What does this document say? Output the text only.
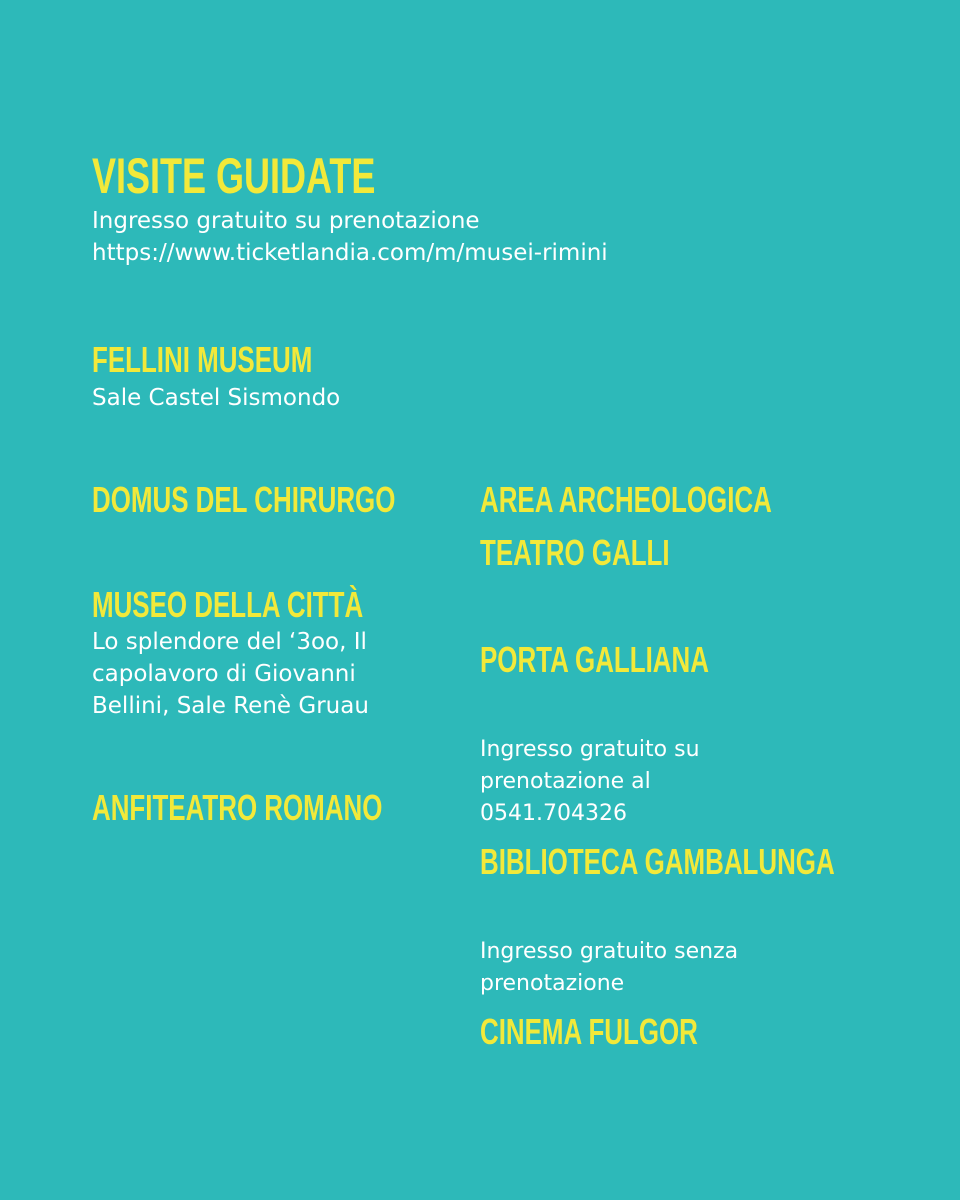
VISITE GUIDATE
Ingresso gratuito su prenotazione
https://www.ticketlandia.com/m/musei-rimini
FELLINI MUSEUM
Sale Castel Sismondo
DOMUS DEL CHIRURGO
MUSEO DELLA CITTÀ
Lo splendore del ‘3oo, Il
capolavoro di Giovanni
Bellini, Sale Renè Gruau
ANFITEATRO ROMANO
AREA ARCHEOLOGICA
TEATRO GALLI
PORTA GALLIANA
Ingresso gratuito su
prenotazione al
0541.704326
BIBLIOTECA GAMBALUNGA
Ingresso gratuito senza
prenotazione
CINEMA FULGOR
